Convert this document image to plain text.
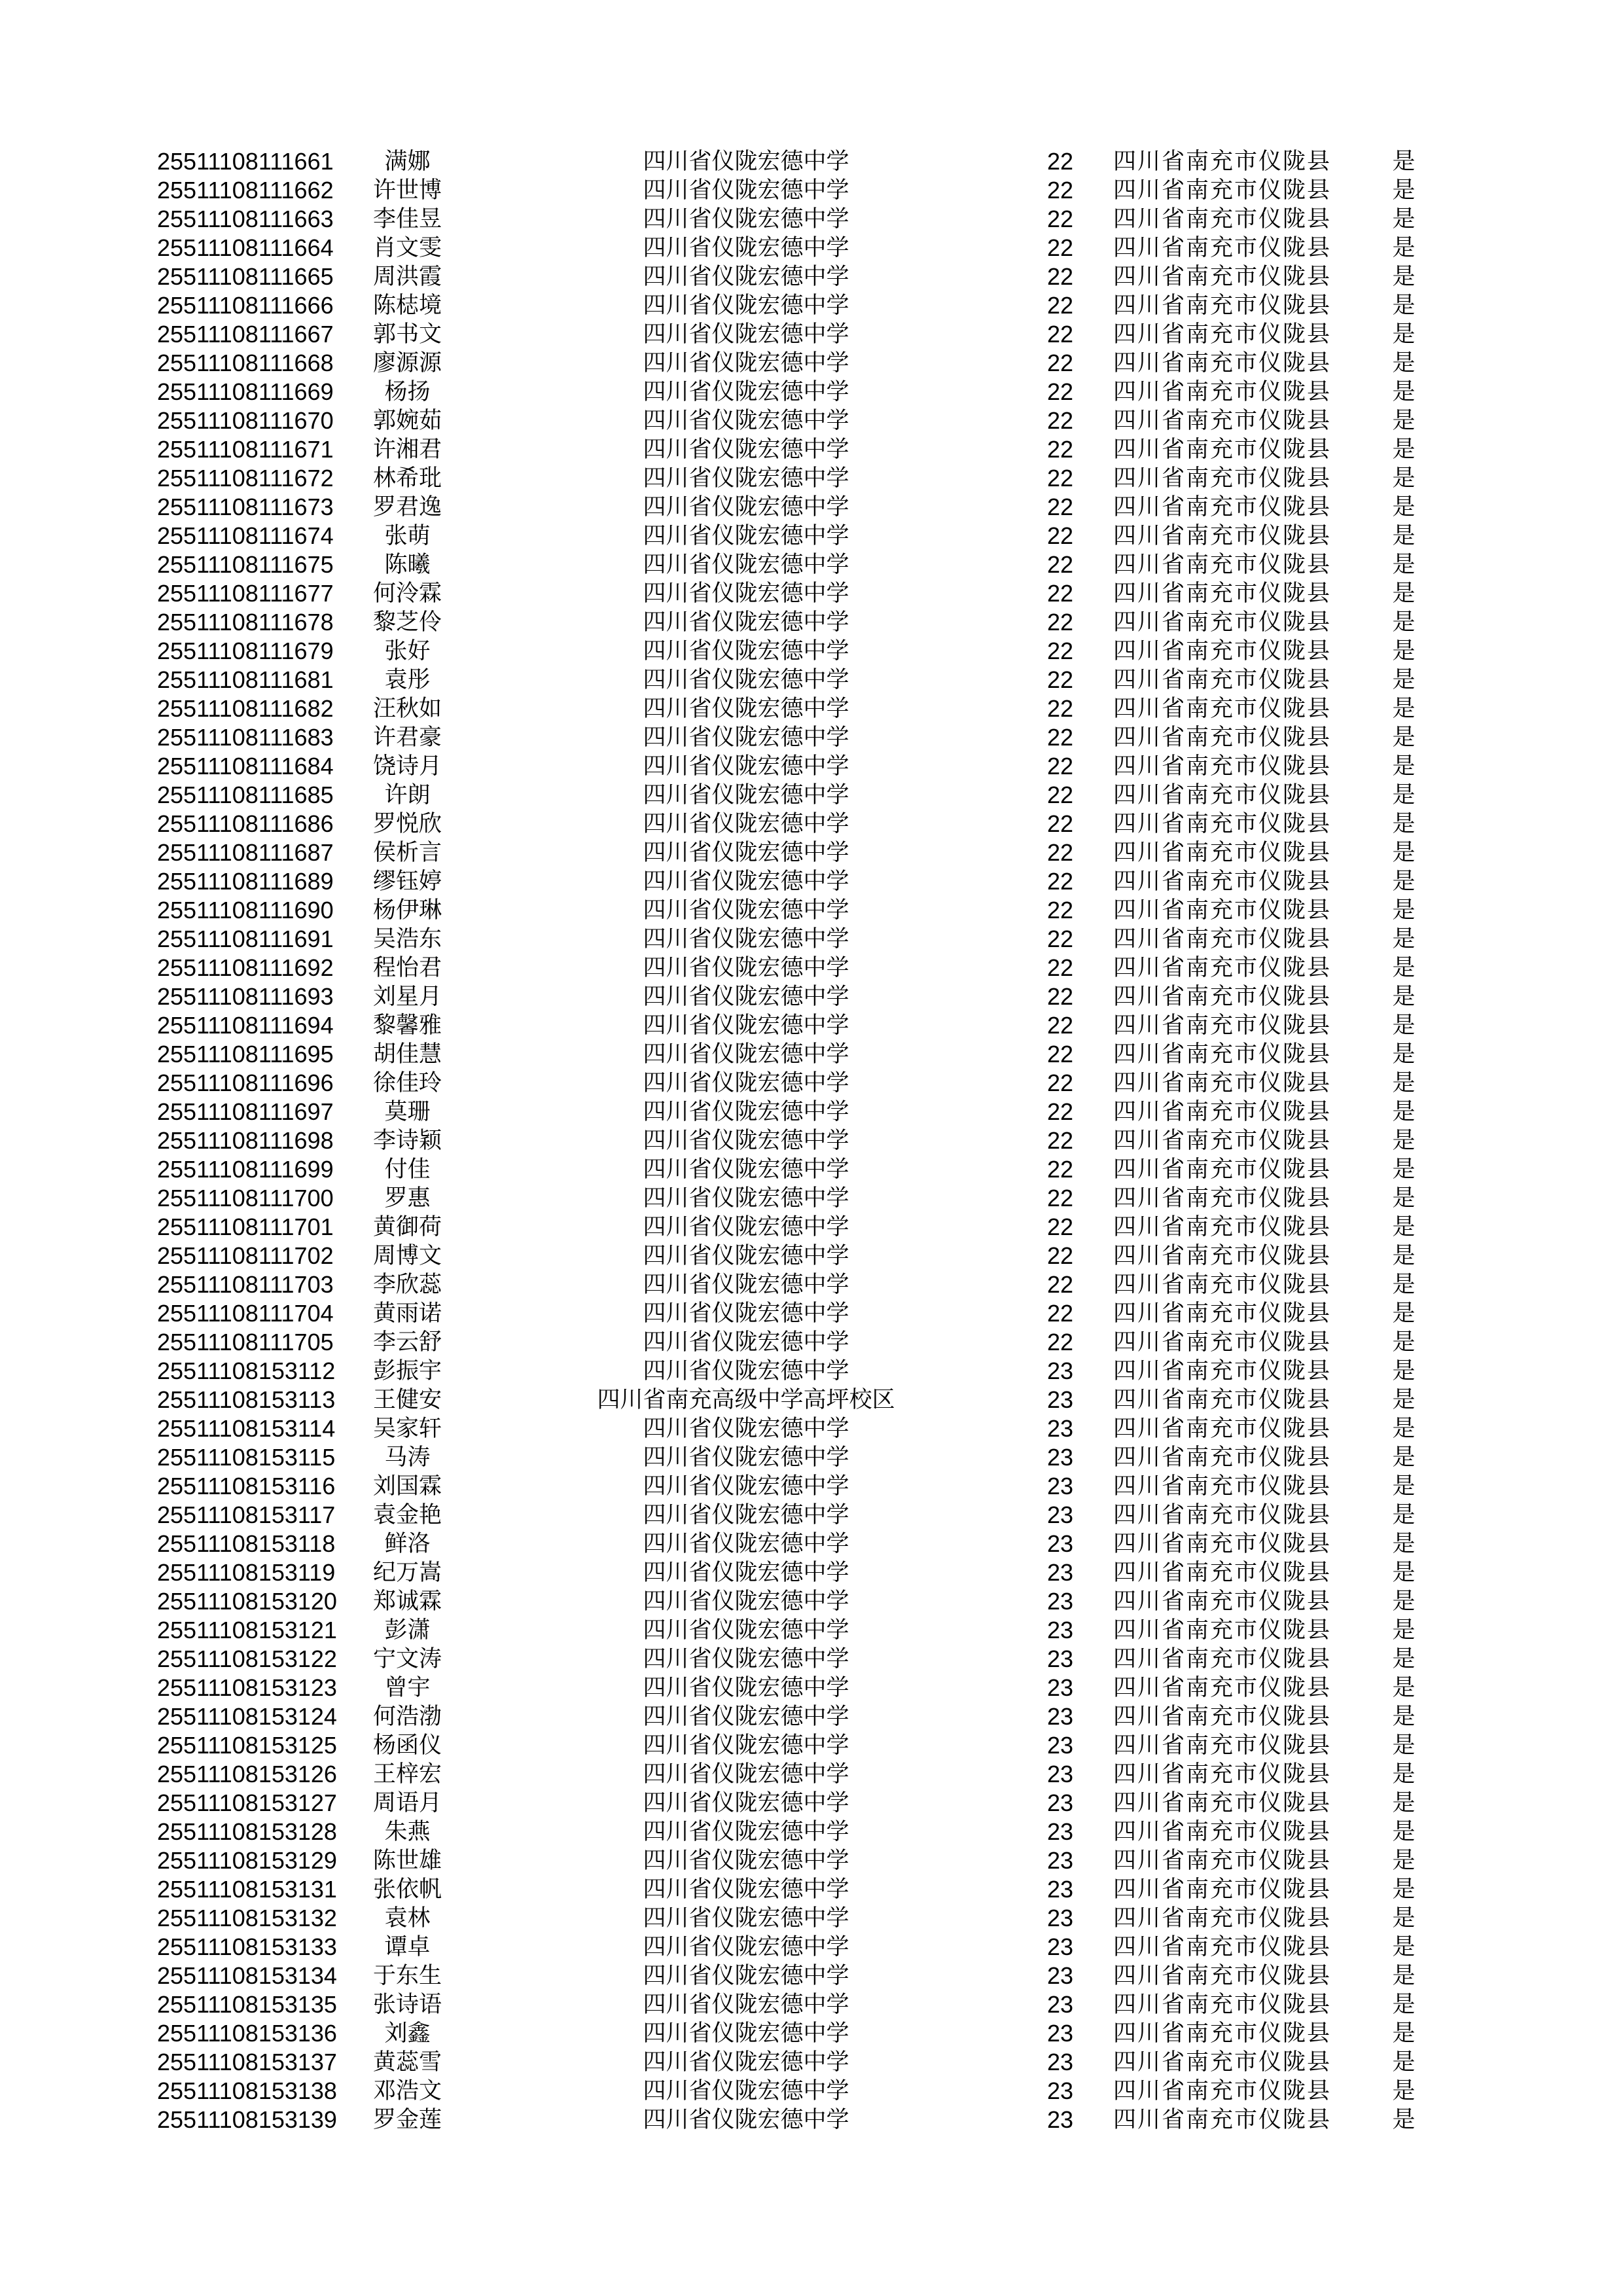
25511108111661	满娜	四川省仪陇宏德中学	22	四川省南充市仪陇县	是
25511108111662	许世博	四川省仪陇宏德中学	22	四川省南充市仪陇县	是
25511108111663	李佳昱	四川省仪陇宏德中学	22	四川省南充市仪陇县	是
25511108111664	肖文雯	四川省仪陇宏德中学	22	四川省南充市仪陇县	是
25511108111665	周洪霞	四川省仪陇宏德中学	22	四川省南充市仪陇县	是
25511108111666	陈梽境	四川省仪陇宏德中学	22	四川省南充市仪陇县	是
25511108111667	郭书文	四川省仪陇宏德中学	22	四川省南充市仪陇县	是
25511108111668	廖源源	四川省仪陇宏德中学	22	四川省南充市仪陇县	是
25511108111669	杨扬	四川省仪陇宏德中学	22	四川省南充市仪陇县	是
25511108111670	郭婉茹	四川省仪陇宏德中学	22	四川省南充市仪陇县	是
25511108111671	许湘君	四川省仪陇宏德中学	22	四川省南充市仪陇县	是
25511108111672	林希玭	四川省仪陇宏德中学	22	四川省南充市仪陇县	是
25511108111673	罗君逸	四川省仪陇宏德中学	22	四川省南充市仪陇县	是
25511108111674	张萌	四川省仪陇宏德中学	22	四川省南充市仪陇县	是
25511108111675	陈曦	四川省仪陇宏德中学	22	四川省南充市仪陇县	是
25511108111677	何泠霖	四川省仪陇宏德中学	22	四川省南充市仪陇县	是
25511108111678	黎芝伶	四川省仪陇宏德中学	22	四川省南充市仪陇县	是
25511108111679	张好	四川省仪陇宏德中学	22	四川省南充市仪陇县	是
25511108111681	袁彤	四川省仪陇宏德中学	22	四川省南充市仪陇县	是
25511108111682	汪秋如	四川省仪陇宏德中学	22	四川省南充市仪陇县	是
25511108111683	许君豪	四川省仪陇宏德中学	22	四川省南充市仪陇县	是
25511108111684	饶诗月	四川省仪陇宏德中学	22	四川省南充市仪陇县	是
25511108111685	许朗	四川省仪陇宏德中学	22	四川省南充市仪陇县	是
25511108111686	罗悦欣	四川省仪陇宏德中学	22	四川省南充市仪陇县	是
25511108111687	侯析言	四川省仪陇宏德中学	22	四川省南充市仪陇县	是
25511108111689	缪钰婷	四川省仪陇宏德中学	22	四川省南充市仪陇县	是
25511108111690	杨伊琳	四川省仪陇宏德中学	22	四川省南充市仪陇县	是
25511108111691	吴浩东	四川省仪陇宏德中学	22	四川省南充市仪陇县	是
25511108111692	程怡君	四川省仪陇宏德中学	22	四川省南充市仪陇县	是
25511108111693	刘星月	四川省仪陇宏德中学	22	四川省南充市仪陇县	是
25511108111694	黎馨雅	四川省仪陇宏德中学	22	四川省南充市仪陇县	是
25511108111695	胡佳慧	四川省仪陇宏德中学	22	四川省南充市仪陇县	是
25511108111696	徐佳玲	四川省仪陇宏德中学	22	四川省南充市仪陇县	是
25511108111697	莫珊	四川省仪陇宏德中学	22	四川省南充市仪陇县	是
25511108111698	李诗颖	四川省仪陇宏德中学	22	四川省南充市仪陇县	是
25511108111699	付佳	四川省仪陇宏德中学	22	四川省南充市仪陇县	是
25511108111700	罗惠	四川省仪陇宏德中学	22	四川省南充市仪陇县	是
25511108111701	黄御荷	四川省仪陇宏德中学	22	四川省南充市仪陇县	是
25511108111702	周博文	四川省仪陇宏德中学	22	四川省南充市仪陇县	是
25511108111703	李欣蕊	四川省仪陇宏德中学	22	四川省南充市仪陇县	是
25511108111704	黄雨诺	四川省仪陇宏德中学	22	四川省南充市仪陇县	是
25511108111705	李云舒	四川省仪陇宏德中学	22	四川省南充市仪陇县	是
25511108153112	彭振宇	四川省仪陇宏德中学	23	四川省南充市仪陇县	是
25511108153113	王健安	四川省南充高级中学高坪校区	23	四川省南充市仪陇县	是
25511108153114	吴家轩	四川省仪陇宏德中学	23	四川省南充市仪陇县	是
25511108153115	马涛	四川省仪陇宏德中学	23	四川省南充市仪陇县	是
25511108153116	刘国霖	四川省仪陇宏德中学	23	四川省南充市仪陇县	是
25511108153117	袁金艳	四川省仪陇宏德中学	23	四川省南充市仪陇县	是
25511108153118	鲜洛	四川省仪陇宏德中学	23	四川省南充市仪陇县	是
25511108153119	纪万嵩	四川省仪陇宏德中学	23	四川省南充市仪陇县	是
25511108153120	郑诚霖	四川省仪陇宏德中学	23	四川省南充市仪陇县	是
25511108153121	彭潇	四川省仪陇宏德中学	23	四川省南充市仪陇县	是
25511108153122	宁文涛	四川省仪陇宏德中学	23	四川省南充市仪陇县	是
25511108153123	曾宇	四川省仪陇宏德中学	23	四川省南充市仪陇县	是
25511108153124	何浩渤	四川省仪陇宏德中学	23	四川省南充市仪陇县	是
25511108153125	杨函仪	四川省仪陇宏德中学	23	四川省南充市仪陇县	是
25511108153126	王梓宏	四川省仪陇宏德中学	23	四川省南充市仪陇县	是
25511108153127	周语月	四川省仪陇宏德中学	23	四川省南充市仪陇县	是
25511108153128	朱燕	四川省仪陇宏德中学	23	四川省南充市仪陇县	是
25511108153129	陈世雄	四川省仪陇宏德中学	23	四川省南充市仪陇县	是
25511108153131	张依帆	四川省仪陇宏德中学	23	四川省南充市仪陇县	是
25511108153132	袁林	四川省仪陇宏德中学	23	四川省南充市仪陇县	是
25511108153133	谭卓	四川省仪陇宏德中学	23	四川省南充市仪陇县	是
25511108153134	于东生	四川省仪陇宏德中学	23	四川省南充市仪陇县	是
25511108153135	张诗语	四川省仪陇宏德中学	23	四川省南充市仪陇县	是
25511108153136	刘鑫	四川省仪陇宏德中学	23	四川省南充市仪陇县	是
25511108153137	黄蕊雪	四川省仪陇宏德中学	23	四川省南充市仪陇县	是
25511108153138	邓浩文	四川省仪陇宏德中学	23	四川省南充市仪陇县	是
25511108153139	罗金莲	四川省仪陇宏德中学	23	四川省南充市仪陇县	是
